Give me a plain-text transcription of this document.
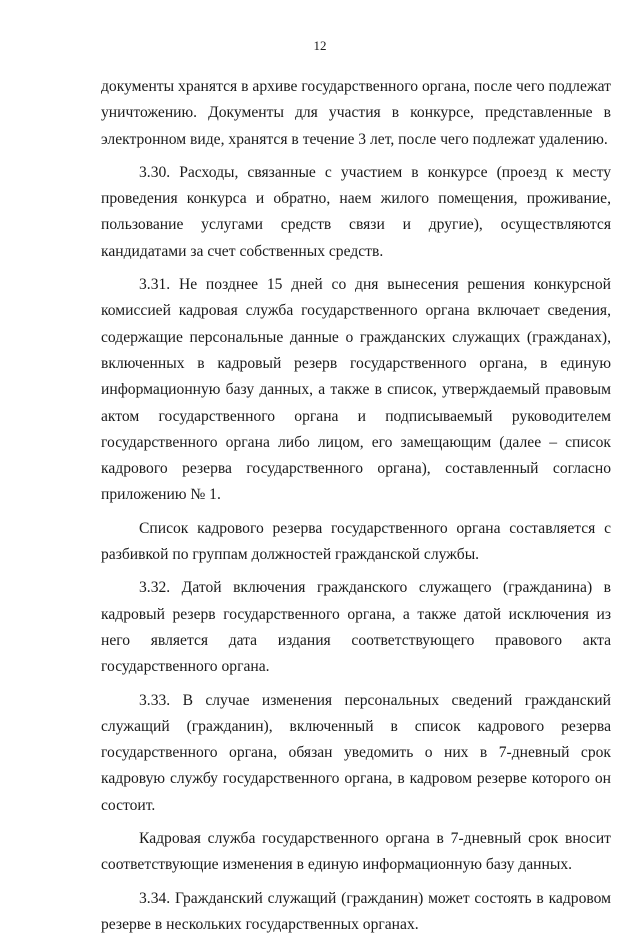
12

документы хранятся в архиве государственного органа, после чего подлежат уничтожению. Документы для участия в конкурсе, представленные в электронном виде, хранятся в течение 3 лет, после чего подлежат удалению.

3.30. Расходы, связанные с участием в конкурсе (проезд к месту проведения конкурса и обратно, наем жилого помещения, проживание, пользование услугами средств связи и другие), осуществляются кандидатами за счет собственных средств.

3.31. Не позднее 15 дней со дня вынесения решения конкурсной комиссией кадровая служба государственного органа включает сведения, содержащие персональные данные о гражданских служащих (гражданах), включенных в кадровый резерв государственного органа, в единую информационную базу данных, а также в список, утверждаемый правовым актом государственного органа и подписываемый руководителем государственного органа либо лицом, его замещающим (далее – список кадрового резерва государственного органа), составленный согласно приложению № 1.

Список кадрового резерва государственного органа составляется с разбивкой по группам должностей гражданской службы.

3.32. Датой включения гражданского служащего (гражданина) в кадровый резерв государственного органа, а также датой исключения из него является дата издания соответствующего правового акта государственного органа.

3.33. В случае изменения персональных сведений гражданский служащий (гражданин), включенный в список кадрового резерва государственного органа, обязан уведомить о них в 7-дневный срок кадровую службу государственного органа, в кадровом резерве которого он состоит.

Кадровая служба государственного органа в 7-дневный срок вносит соответствующие изменения в единую информационную базу данных.

3.34. Гражданский служащий (гражданин) может состоять в кадровом резерве в нескольких государственных органах.
